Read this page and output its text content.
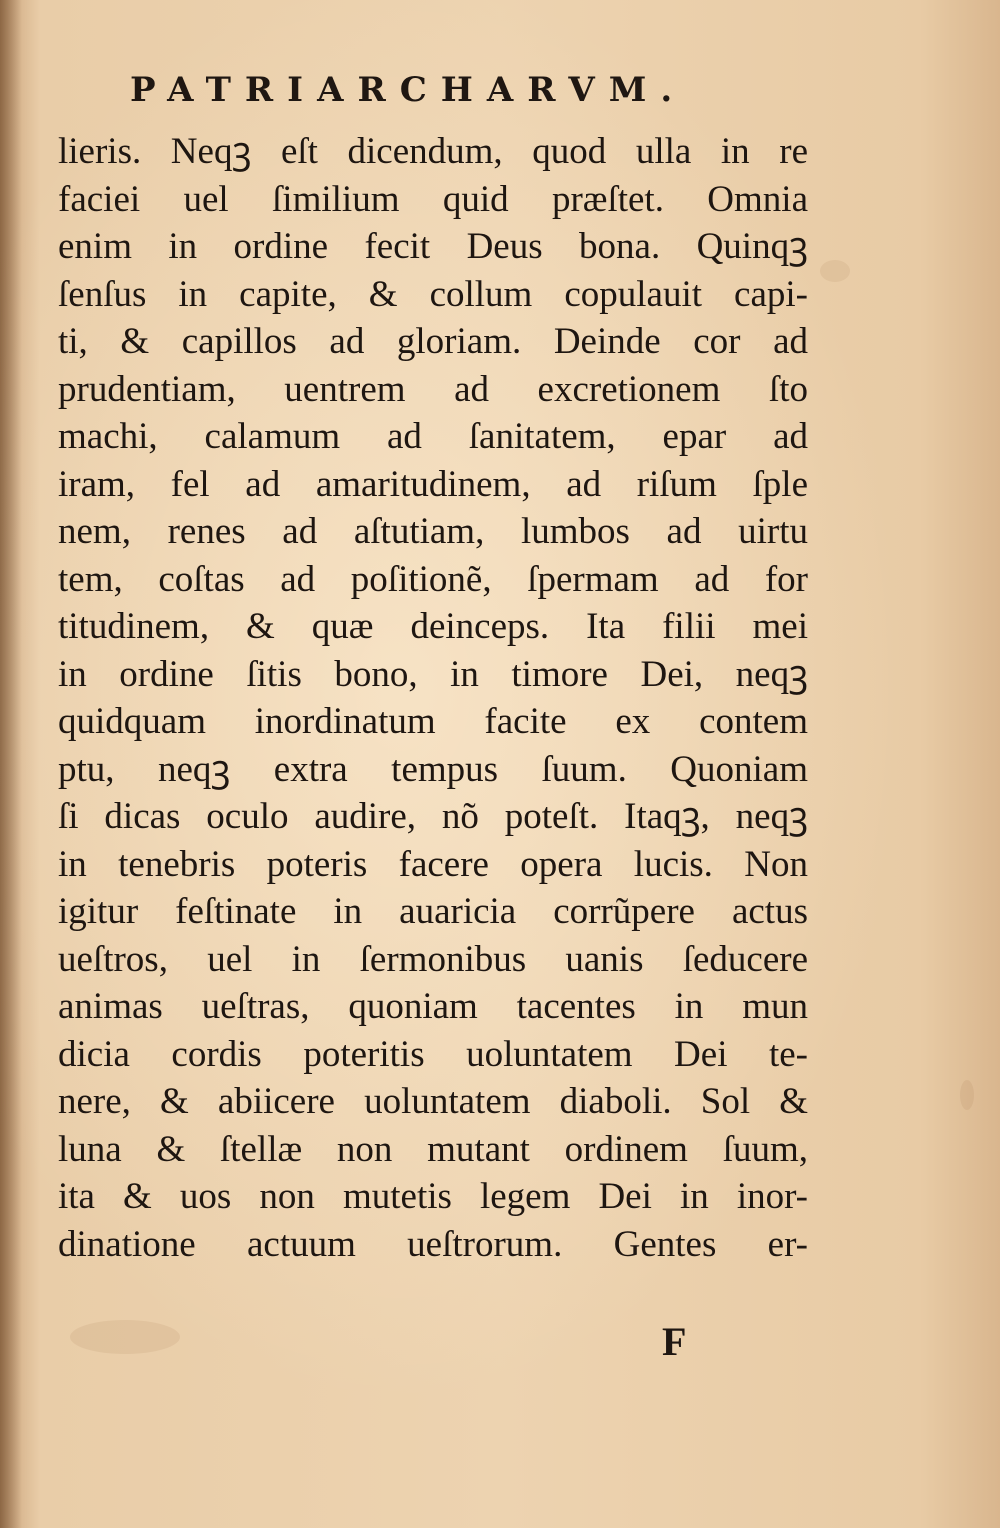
PATRIARCHARVM.
lieris. Neqꝫ eſt dicendum, quod ulla in re
faciei uel ſimilium quid præſtet. Omnia
enim in ordine fecit Deus bona. Quinqꝫ
ſenſus in capite, & collum copulauit capi-
ti, & capillos ad gloriam. Deinde cor ad
prudentiam, uentrem ad excretionem ſto
machi, calamum ad ſanitatem, epar ad
iram, fel ad amaritudinem, ad riſum ſple
nem, renes ad aſtutiam, lumbos ad uirtu
tem, coſtas ad poſitionẽ, ſpermam ad for
titudinem, & quæ deinceps. Ita filii mei
in ordine ſitis bono, in timore Dei, neqꝫ
quidquam inordinatum facite ex contem
ptu, neqꝫ extra tempus ſuum. Quoniam
ſi dicas oculo audire, nõ poteſt. Itaqꝫ, neqꝫ
in tenebris poteris facere opera lucis. Non
igitur feſtinate in auaricia corrũpere actus
ueſtros, uel in ſermonibus uanis ſeducere
animas ueſtras, quoniam tacentes in mun
dicia cordis poteritis uoluntatem Dei te-
nere, & abiicere uoluntatem diaboli. Sol &
luna & ſtellæ non mutant ordinem ſuum,
ita & uos non mutetis legem Dei in inor-
dinatione actuum ueſtrorum. Gentes er-
F
